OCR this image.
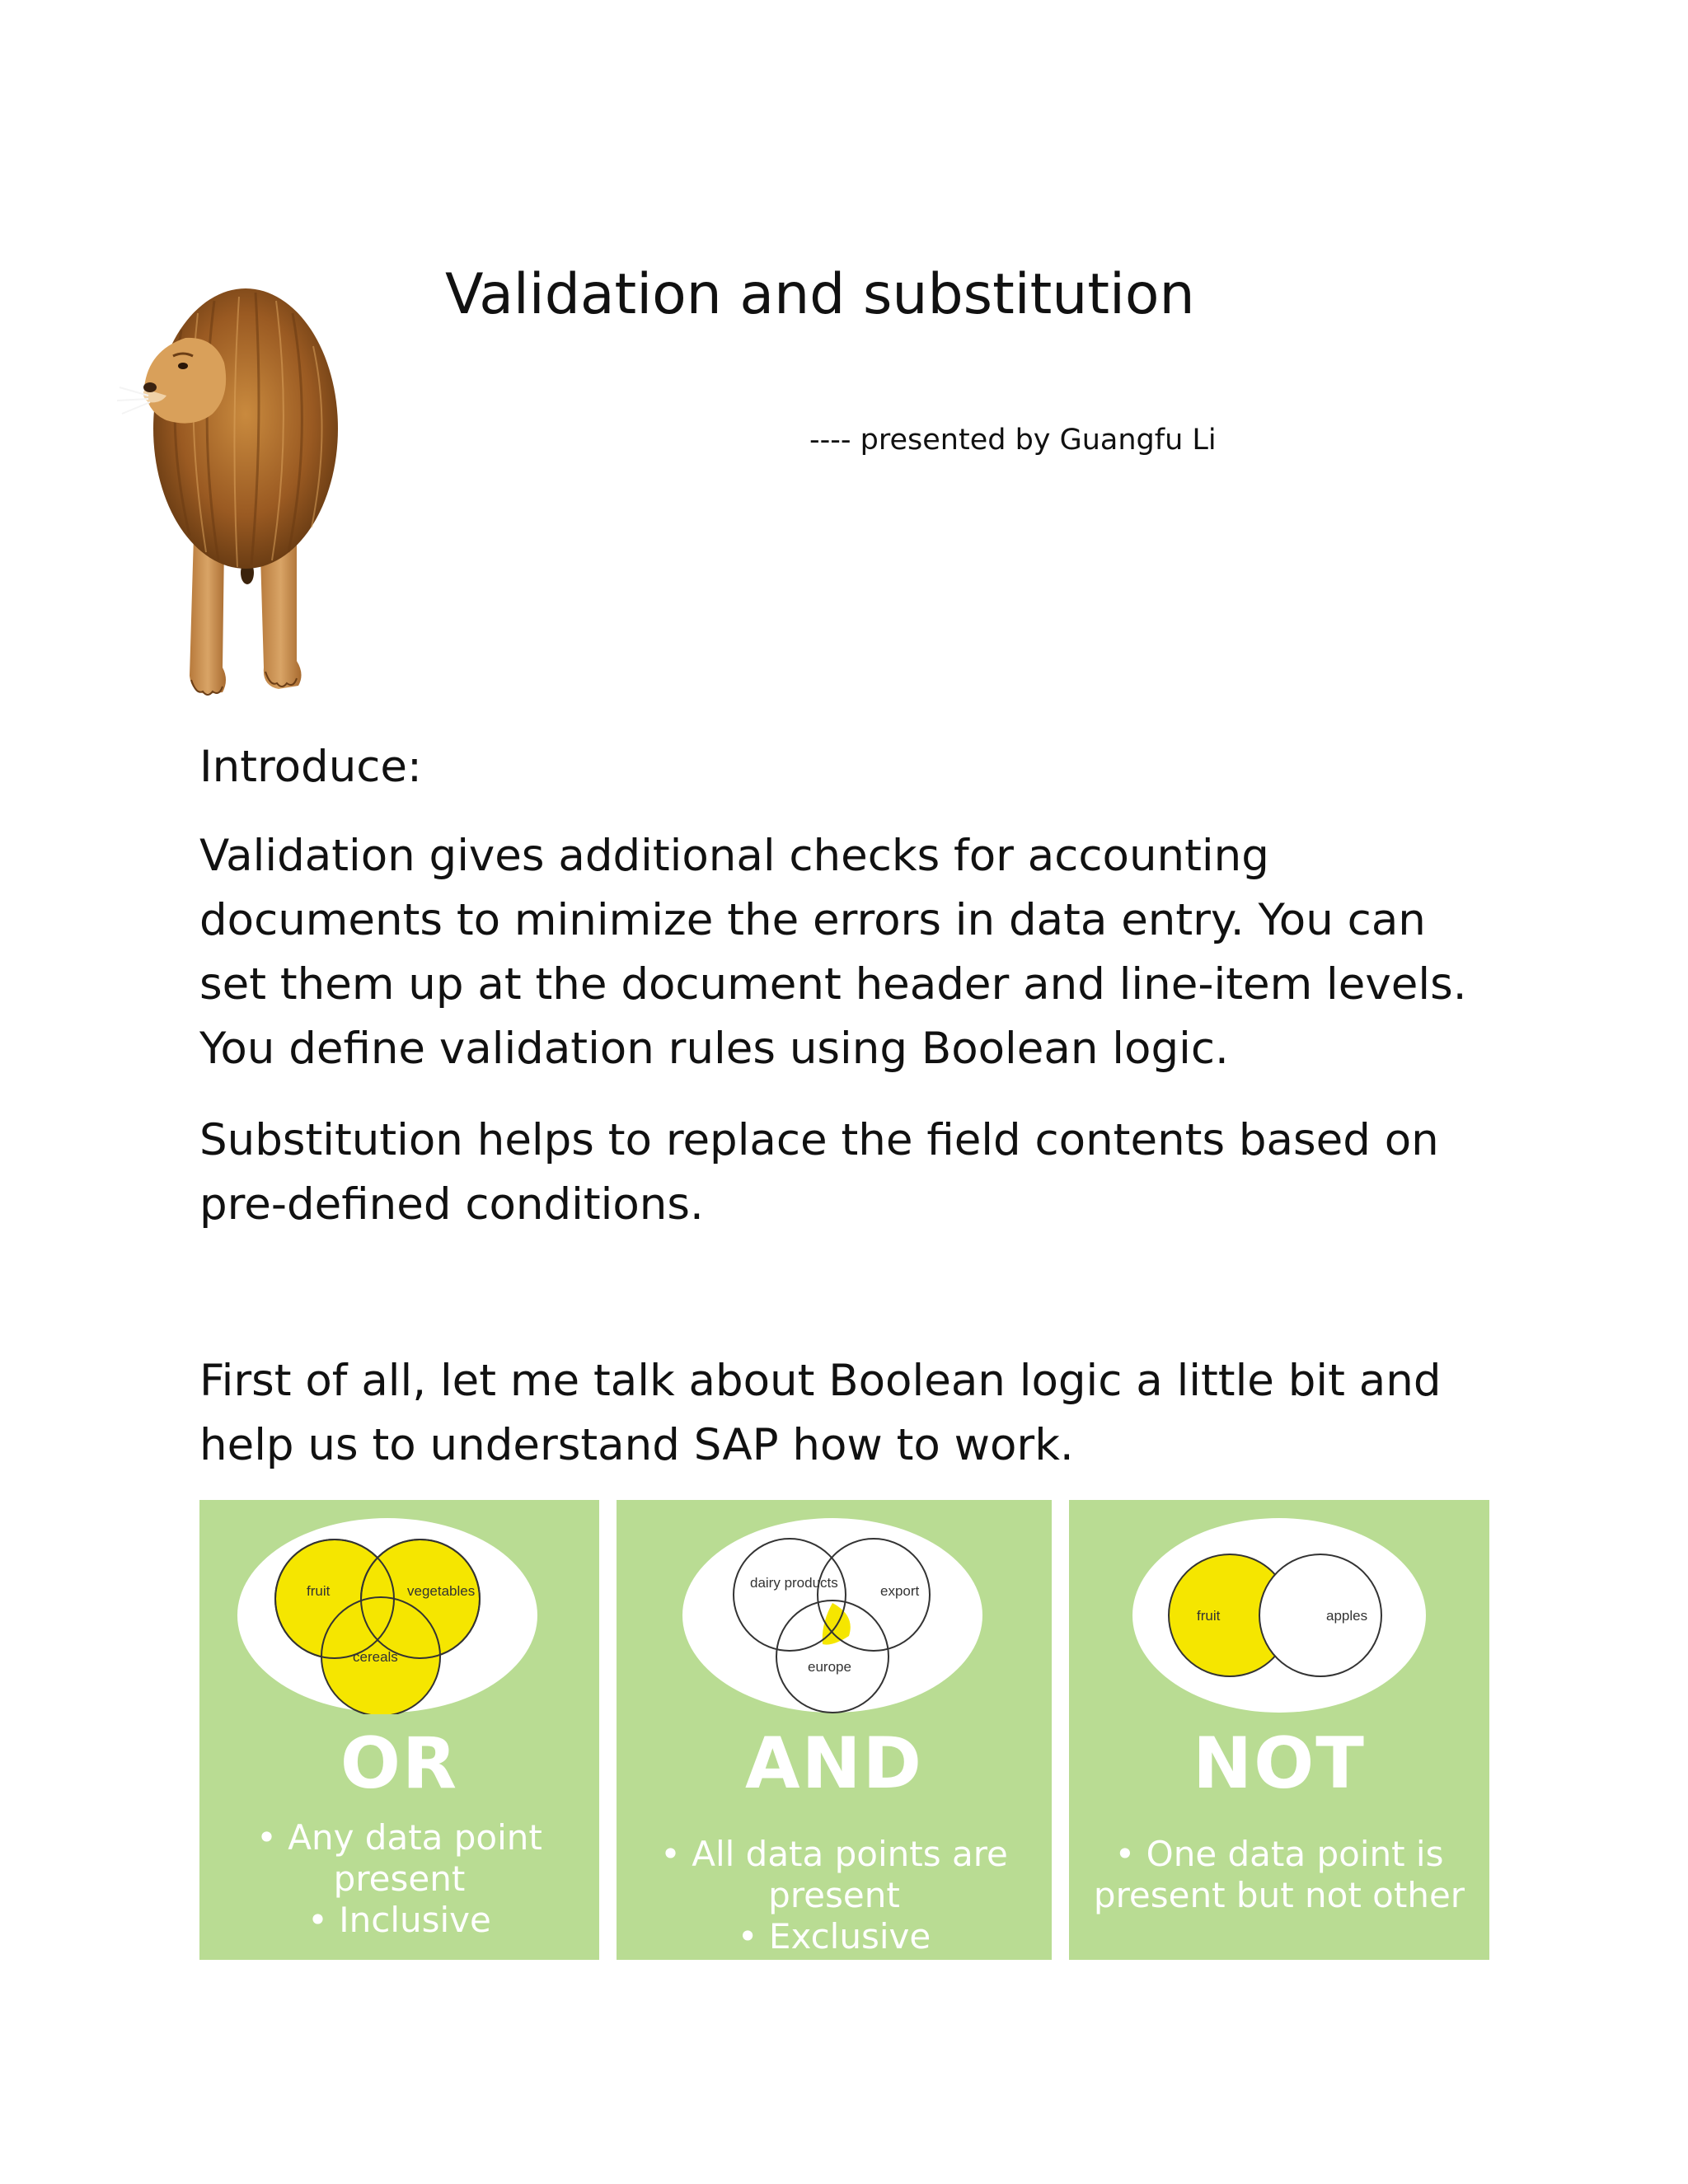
Validation and substitution
---- presented by Guangfu Li

Introduce:

Validation gives additional checks for accounting documents to minimize the errors in data entry. You can set them up at the document header and line-item levels. You define validation rules using Boolean logic.

Substitution helps to replace the field contents based on pre-defined conditions.

First of all, let me talk about Boolean logic a little bit and help us to understand SAP how to work.

fruit	vegetables
cereals
OR
• Any data point present
• Inclusive
dairy products
export
europe
AND
• All data points are present
• Exclusive
fruit	apples
NOT
• One data point is present but not other
